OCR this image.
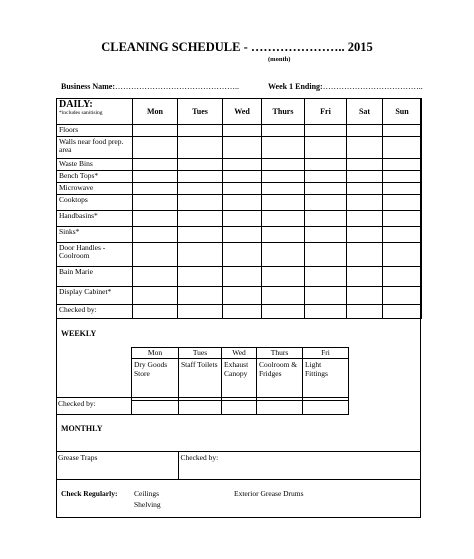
CLEANING SCHEDULE - ………………….. 2015
(month)
Business Name:………………………………………..	Week 1 Ending:………………………………..
DAILY:
*includes sanitising	Mon	Tues	Wed	Thurs	Fri	Sat	Sun
Floors							
Walls near food prep. area							
Waste Bins							
Bench Tops*							
Microwave							
Cooktops							
Handbasins*							
Sinks*							
Door Handles - Coolroom							
Bain Marie							
Display Cabinet*							
Checked by:							
WEEKLY
Mon	Tues	Wed	Thurs	Fri
Dry Goods Store	Staff Toilets	Exhaust Canopy	Coolroom & Fridges	Light Fittings
Checked by:					
MONTHLY
Grease Traps	Checked by:
Check Regularly: Ceilings
Shelving
Exterior Grease Drums
